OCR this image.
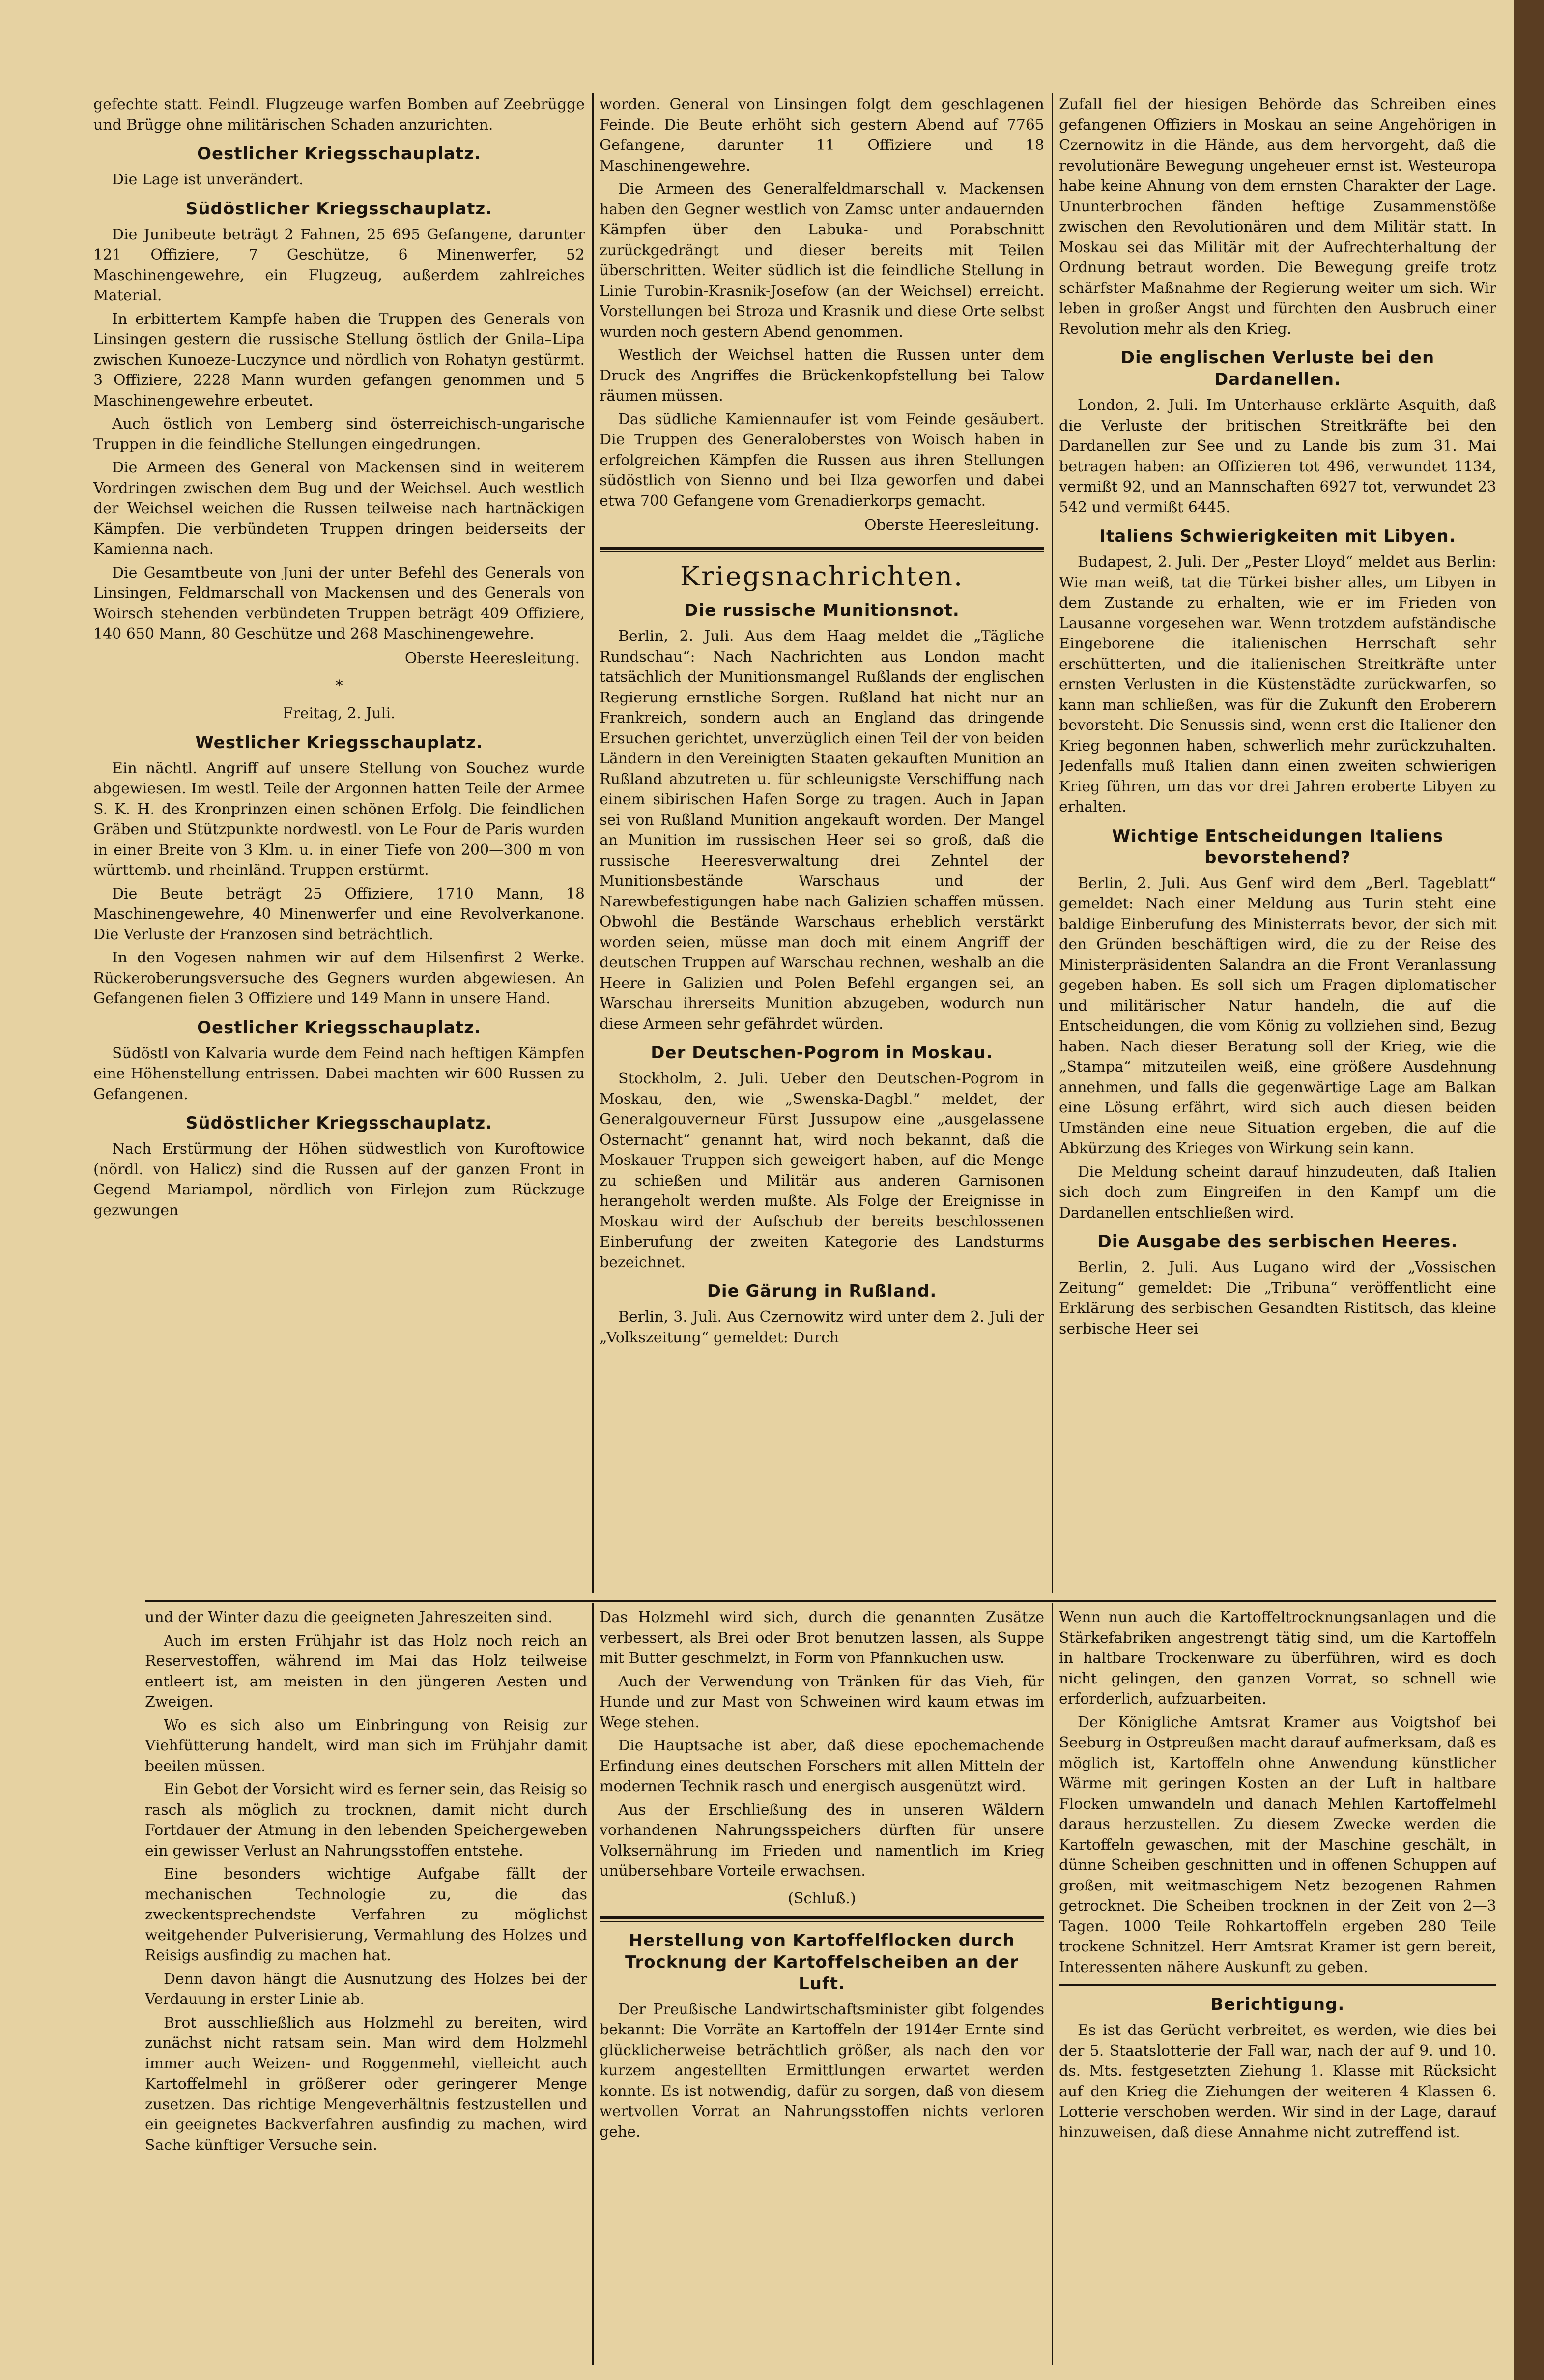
gefechte statt. Feindl. Flugzeuge warfen Bomben auf Zeebrügge und Brügge ohne militärischen Schaden anzurichten.

Oestlicher Kriegsschauplatz.

Die Lage ist unverändert.

Südöstlicher Kriegsschauplatz.

Die Junibeute beträgt 2 Fahnen, 25 695 Gefangene, darunter 121 Offiziere, 7 Geschütze, 6 Minenwerfer, 52 Maschinengewehre, ein Flugzeug, außerdem zahlreiches Material.

In erbittertem Kampfe haben die Truppen des Generals von Linsingen gestern die russische Stellung östlich der Gnila–Lipa zwischen Kunoeze-Luczynce und nördlich von Rohatyn gestürmt. 3 Offiziere, 2228 Mann wurden gefangen genommen und 5 Maschinengewehre erbeutet.

Auch östlich von Lemberg sind österreichisch-ungarische Truppen in die feindliche Stellungen eingedrungen.

Die Armeen des General von Mackensen sind in weiterem Vordringen zwischen dem Bug und der Weichsel. Auch westlich der Weichsel weichen die Russen teilweise nach hartnäckigen Kämpfen. Die verbündeten Truppen dringen beiderseits der Kamienna nach.

Die Gesamtbeute von Juni der unter Befehl des Generals von Linsingen, Feldmarschall von Mackensen und des Generals von Woirsch stehenden verbündeten Truppen beträgt 409 Offiziere, 140 650 Mann, 80 Geschütze und 268 Maschinengewehre.

Oberste Heeresleitung.
*
Freitag, 2. Juli.
Westlicher Kriegsschauplatz.

Ein nächtl. Angriff auf unsere Stellung von Souchez wurde abgewiesen. Im westl. Teile der Argonnen hatten Teile der Armee S. K. H. des Kronprinzen einen schönen Erfolg. Die feindlichen Gräben und Stützpunkte nordwestl. von Le Four de Paris wurden in einer Breite von 3 Klm. u. in einer Tiefe von 200—300 m von württemb. und rheinländ. Truppen erstürmt.

Die Beute beträgt 25 Offiziere, 1710 Mann, 18 Maschinengewehre, 40 Minenwerfer und eine Revolverkanone. Die Verluste der Franzosen sind beträchtlich.

In den Vogesen nahmen wir auf dem Hilsenfirst 2 Werke. Rückeroberungsversuche des Gegners wurden abgewiesen. An Gefangenen fielen 3 Offiziere und 149 Mann in unsere Hand.

Oestlicher Kriegsschauplatz.

Südöstl von Kalvaria wurde dem Feind nach heftigen Kämpfen eine Höhenstellung entrissen. Dabei machten wir 600 Russen zu Gefangenen.

Südöstlicher Kriegsschauplatz.

Nach Erstürmung der Höhen südwestlich von Kuroftowice (nördl. von Halicz) sind die Russen auf der ganzen Front in Gegend Mariampol, nördlich von Firlejon zum Rückzuge gezwungen

worden. General von Linsingen folgt dem geschlagenen Feinde. Die Beute erhöht sich gestern Abend auf 7765 Gefangene, darunter 11 Offiziere und 18 Maschinengewehre.

Die Armeen des Generalfeldmarschall v. Mackensen haben den Gegner westlich von Zamsc unter andauernden Kämpfen über den Labuka- und Porabschnitt zurückgedrängt und dieser bereits mit Teilen überschritten. Weiter südlich ist die feindliche Stellung in Linie Turobin-Krasnik-Josefow (an der Weichsel) erreicht. Vorstellungen bei Stroza und Krasnik und diese Orte selbst wurden noch gestern Abend genommen.

Westlich der Weichsel hatten die Russen unter dem Druck des Angriffes die Brückenkopfstellung bei Talow räumen müssen.

Das südliche Kamiennaufer ist vom Feinde gesäubert. Die Truppen des Generaloberstes von Woisch haben in erfolgreichen Kämpfen die Russen aus ihren Stellungen südöstlich von Sienno und bei Ilza geworfen und dabei etwa 700 Gefangene vom Grenadierkorps gemacht.

Oberste Heeresleitung.
Kriegsnachrichten.
Die russische Munitionsnot.

Berlin, 2. Juli. Aus dem Haag meldet die „Tägliche Rundschau“: Nach Nachrichten aus London macht tatsächlich der Munitionsmangel Rußlands der englischen Regierung ernstliche Sorgen. Rußland hat nicht nur an Frankreich, sondern auch an England das dringende Ersuchen gerichtet, unverzüglich einen Teil der von beiden Ländern in den Vereinigten Staaten gekauften Munition an Rußland abzutreten u. für schleunigste Verschiffung nach einem sibirischen Hafen Sorge zu tragen. Auch in Japan sei von Rußland Munition angekauft worden. Der Mangel an Munition im russischen Heer sei so groß, daß die russische Heeresverwaltung drei Zehntel der Munitionsbestände Warschaus und der Narewbefestigungen habe nach Galizien schaffen müssen. Obwohl die Bestände Warschaus erheblich verstärkt worden seien, müsse man doch mit einem Angriff der deutschen Truppen auf Warschau rechnen, weshalb an die Heere in Galizien und Polen Befehl ergangen sei, an Warschau ihrerseits Munition abzugeben, wodurch nun diese Armeen sehr gefährdet würden.

Der Deutschen-Pogrom in Moskau.

Stockholm, 2. Juli. Ueber den Deutschen-Pogrom in Moskau, den, wie „Swenska-Dagbl.“ meldet, der Generalgouverneur Fürst Jussupow eine „ausgelassene Osternacht“ genannt hat, wird noch bekannt, daß die Moskauer Truppen sich geweigert haben, auf die Menge zu schießen und Militär aus anderen Garnisonen herangeholt werden mußte. Als Folge der Ereignisse in Moskau wird der Aufschub der bereits beschlossenen Einberufung der zweiten Kategorie des Landsturms bezeichnet.

Die Gärung in Rußland.

Berlin, 3. Juli. Aus Czernowitz wird unter dem 2. Juli der „Volkszeitung“ gemeldet: Durch

Zufall fiel der hiesigen Behörde das Schreiben eines gefangenen Offiziers in Moskau an seine Angehörigen in Czernowitz in die Hände, aus dem hervorgeht, daß die revolutionäre Bewegung ungeheuer ernst ist. Westeuropa habe keine Ahnung von dem ernsten Charakter der Lage. Ununterbrochen fänden heftige Zusammenstöße zwischen den Revolutionären und dem Militär statt. In Moskau sei das Militär mit der Aufrechterhaltung der Ordnung betraut worden. Die Bewegung greife trotz schärfster Maßnahme der Regierung weiter um sich. Wir leben in großer Angst und fürchten den Ausbruch einer Revolution mehr als den Krieg.

Die englischen Verluste bei den Dardanellen.

London, 2. Juli. Im Unterhause erklärte Asquith, daß die Verluste der britischen Streitkräfte bei den Dardanellen zur See und zu Lande bis zum 31. Mai betragen haben: an Offizieren tot 496, verwundet 1134, vermißt 92, und an Mannschaften 6927 tot, verwundet 23 542 und vermißt 6445.

Italiens Schwierigkeiten mit Libyen.

Budapest, 2. Juli. Der „Pester Lloyd“ meldet aus Berlin: Wie man weiß, tat die Türkei bisher alles, um Libyen in dem Zustande zu erhalten, wie er im Frieden von Lausanne vorgesehen war. Wenn trotzdem aufständische Eingeborene die italienischen Herrschaft sehr erschütterten, und die italienischen Streitkräfte unter ernsten Verlusten in die Küstenstädte zurückwarfen, so kann man schließen, was für die Zukunft den Eroberern bevorsteht. Die Senussis sind, wenn erst die Italiener den Krieg begonnen haben, schwerlich mehr zurückzuhalten. Jedenfalls muß Italien dann einen zweiten schwierigen Krieg führen, um das vor drei Jahren eroberte Libyen zu erhalten.

Wichtige Entscheidungen Italiens bevorstehend?

Berlin, 2. Juli. Aus Genf wird dem „Berl. Tageblatt“ gemeldet: Nach einer Meldung aus Turin steht eine baldige Einberufung des Ministerrats bevor, der sich mit den Gründen beschäftigen wird, die zu der Reise des Ministerpräsidenten Salandra an die Front Veranlassung gegeben haben. Es soll sich um Fragen diplomatischer und militärischer Natur handeln, die auf die Entscheidungen, die vom König zu vollziehen sind, Bezug haben. Nach dieser Beratung soll der Krieg, wie die „Stampa“ mitzuteilen weiß, eine größere Ausdehnung annehmen, und falls die gegenwärtige Lage am Balkan eine Lösung erfährt, wird sich auch diesen beiden Umständen eine neue Situation ergeben, die auf die Abkürzung des Krieges von Wirkung sein kann.

Die Meldung scheint darauf hinzudeuten, daß Italien sich doch zum Eingreifen in den Kampf um die Dardanellen entschließen wird.

Die Ausgabe des serbischen Heeres.

Berlin, 2. Juli. Aus Lugano wird der „Vossischen Zeitung“ gemeldet: Die „Tribuna“ veröffentlicht eine Erklärung des serbischen Gesandten Ristitsch, das kleine serbische Heer sei

und der Winter dazu die geeigneten Jahreszeiten sind.

Auch im ersten Frühjahr ist das Holz noch reich an Reservestoffen, während im Mai das Holz teilweise entleert ist, am meisten in den jüngeren Aesten und Zweigen.

Wo es sich also um Einbringung von Reisig zur Viehfütterung handelt, wird man sich im Frühjahr damit beeilen müssen.

Ein Gebot der Vorsicht wird es ferner sein, das Reisig so rasch als möglich zu trocknen, damit nicht durch Fortdauer der Atmung in den lebenden Speichergeweben ein gewisser Verlust an Nahrungsstoffen entstehe.

Eine besonders wichtige Aufgabe fällt der mechanischen Technologie zu, die das zweckentsprechendste Verfahren zu möglichst weitgehender Pulverisierung, Vermahlung des Holzes und Reisigs ausfindig zu machen hat.

Denn davon hängt die Ausnutzung des Holzes bei der Verdauung in erster Linie ab.

Brot ausschließlich aus Holzmehl zu bereiten, wird zunächst nicht ratsam sein. Man wird dem Holzmehl immer auch Weizen- und Roggenmehl, vielleicht auch Kartoffelmehl in größerer oder geringerer Menge zusetzen. Das richtige Mengeverhältnis festzustellen und ein geeignetes Backverfahren ausfindig zu machen, wird Sache künftiger Versuche sein.

Das Holzmehl wird sich, durch die genannten Zusätze verbessert, als Brei oder Brot benutzen lassen, als Suppe mit Butter geschmelzt, in Form von Pfannkuchen usw.

Auch der Verwendung von Tränken für das Vieh, für Hunde und zur Mast von Schweinen wird kaum etwas im Wege stehen.

Die Hauptsache ist aber, daß diese epochemachende Erfindung eines deutschen Forschers mit allen Mitteln der modernen Technik rasch und energisch ausgenützt wird.

Aus der Erschließung des in unseren Wäldern vorhandenen Nahrungsspeichers dürften für unsere Volksernährung im Frieden und namentlich im Krieg unübersehbare Vorteile erwachsen.

(Schluß.)
Herstellung von Kartoffelflocken durch Trocknung der Kartoffelscheiben an der Luft.

Der Preußische Landwirtschaftsminister gibt folgendes bekannt: Die Vorräte an Kartoffeln der 1914er Ernte sind glücklicherweise beträchtlich größer, als nach den vor kurzem angestellten Ermittlungen erwartet werden konnte. Es ist notwendig, dafür zu sorgen, daß von diesem wertvollen Vorrat an Nahrungsstoffen nichts verloren gehe.

Wenn nun auch die Kartoffeltrocknungsanlagen und die Stärkefabriken angestrengt tätig sind, um die Kartoffeln in haltbare Trockenware zu überführen, wird es doch nicht gelingen, den ganzen Vorrat, so schnell wie erforderlich, aufzuarbeiten.

Der Königliche Amtsrat Kramer aus Voigtshof bei Seeburg in Ostpreußen macht darauf aufmerksam, daß es möglich ist, Kartoffeln ohne Anwendung künstlicher Wärme mit geringen Kosten an der Luft in haltbare Flocken umwandeln und danach Mehlen Kartoffelmehl daraus herzustellen. Zu diesem Zwecke werden die Kartoffeln gewaschen, mit der Maschine geschält, in dünne Scheiben geschnitten und in offenen Schuppen auf großen, mit weitmaschigem Netz bezogenen Rahmen getrocknet. Die Scheiben trocknen in der Zeit von 2—3 Tagen. 1000 Teile Rohkartoffeln ergeben 280 Teile trockene Schnitzel. Herr Amtsrat Kramer ist gern bereit, Interessenten nähere Auskunft zu geben.

Berichtigung.

Es ist das Gerücht verbreitet, es werden, wie dies bei der 5. Staatslotterie der Fall war, nach der auf 9. und 10. ds. Mts. festgesetzten Ziehung 1. Klasse mit Rücksicht auf den Krieg die Ziehungen der weiteren 4 Klassen 6. Lotterie verschoben werden. Wir sind in der Lage, darauf hinzuweisen, daß diese Annahme nicht zutreffend ist.
